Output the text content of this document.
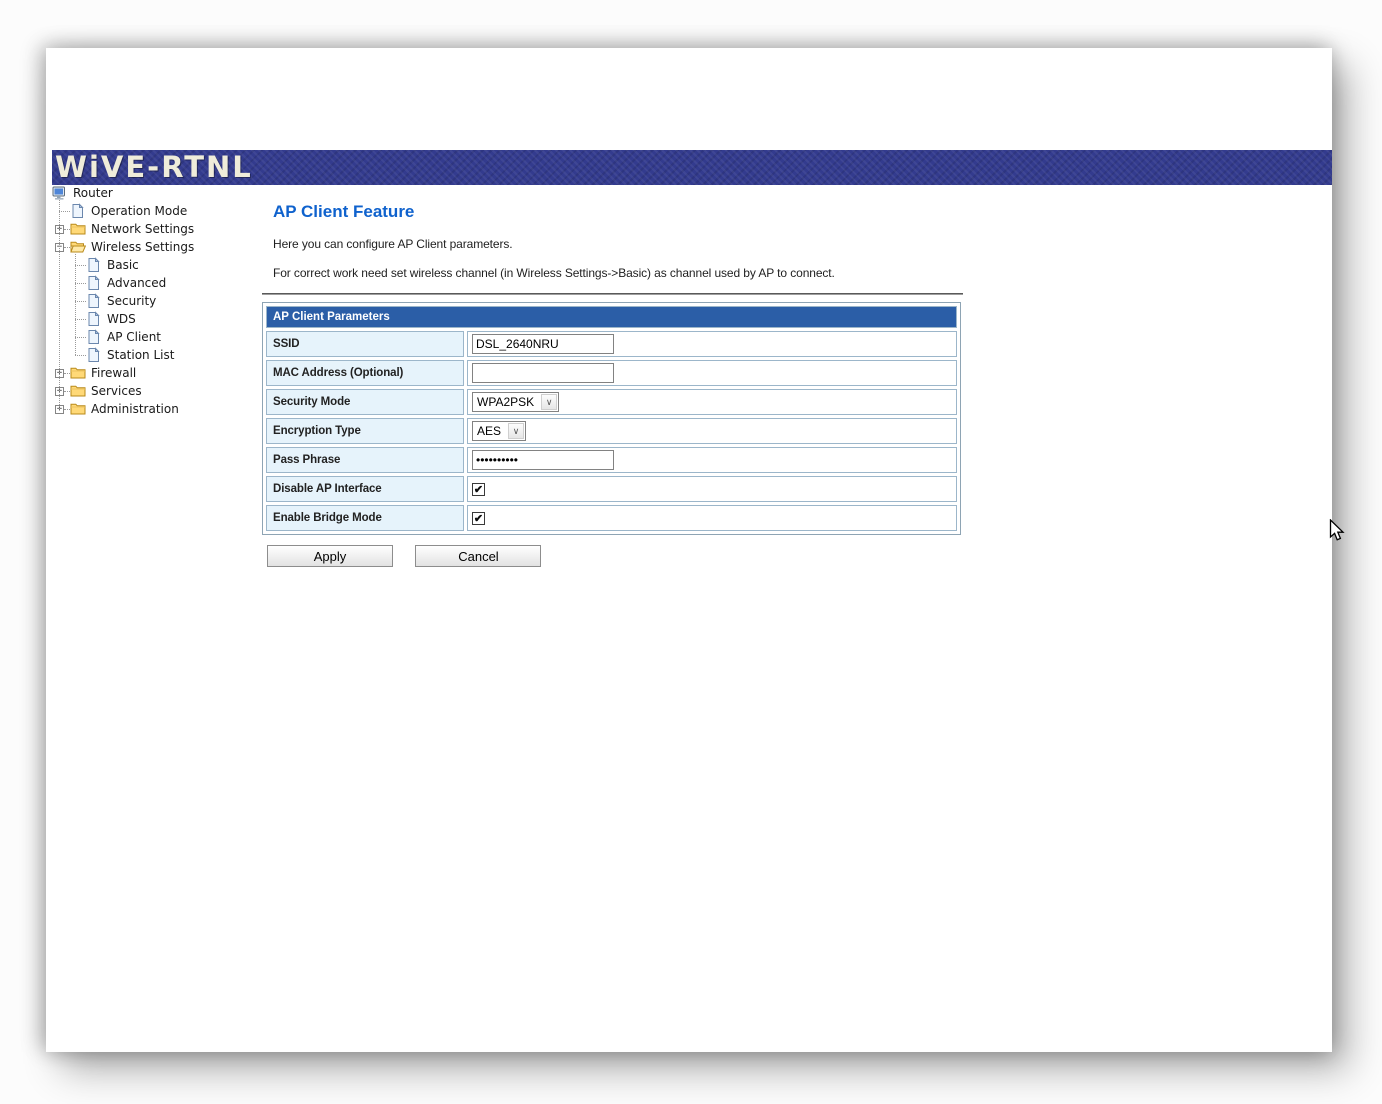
WiVE-RTNL
Router
Operation Mode
+	Network Settings
−	Wireless Settings
Basic
Advanced
Security
WDS
AP Client
Station List
+	Firewall
+	Services
+	Administration
AP Client Feature
Here you can configure AP Client parameters.
For correct work need set wireless channel (in Wireless Settings->Basic) as channel used by AP to connect.
AP Client Parameters	
SSID	DSL_2640NRU
MAC Address (Optional)	
Security Mode	WPA2PSK ∨

Encryption Type	AES ∨

Pass Phrase	••••••••••
Disable AP Interface	✔
Enable Bridge Mode	✔
Apply	Cancel
